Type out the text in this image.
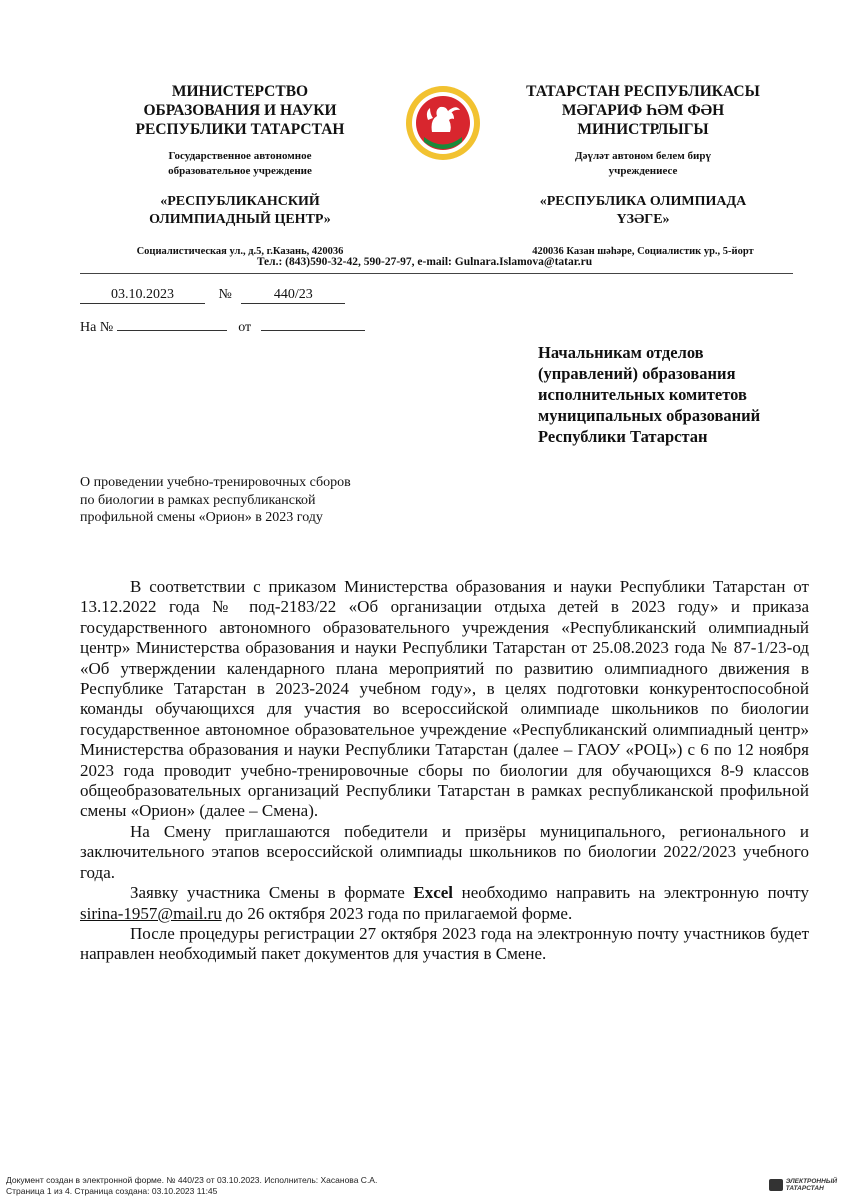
МИНИСТЕРСТВО
ОБРАЗОВАНИЯ И НАУКИ
РЕСПУБЛИКИ ТАТАРСТАН
Государственное автономное
образовательное учреждение
«РЕСПУБЛИКАНСКИЙ
ОЛИМПИАДНЫЙ ЦЕНТР»
Социалистическая ул., д.5, г.Казань, 420036
ТАТАРСТАН РЕСПУБЛИКАСЫ
МӘГАРИФ ҺӘМ ФӘН
МИНИСТРЛЫГЫ
Дәүләт автоном белем бирү
учреждениесе
«РЕСПУБЛИКА ОЛИМПИАДА
ҮЗӘГЕ»
420036 Казан шәһәре, Социалистик ур., 5-йорт
Тел.: (843)590-32-42, 590-27-97, e-mail: Gulnara.Islamova@tatar.ru
03.10.2023	№	440/23
На №	от
Начальникам отделов
(управлений) образования
исполнительных комитетов
муниципальных образований
Республики Татарстан
О проведении учебно-тренировочных сборов
по биологии в рамках республиканской
профильной смены «Орион» в 2023 году

В соответствии с приказом Министерства образования и науки Республики Татарстан от 13.12.2022 года № под-2183/22 «Об организации отдыха детей в 2023 году» и приказа государственного автономного образовательного учреждения «Республиканский олимпиадный центр» Министерства образования и науки Республики Татарстан от 25.08.2023 года № 87-1/23-од «Об утверждении календарного плана мероприятий по развитию олимпиадного движения в Республике Татарстан в 2023-2024 учебном году», в целях подготовки конкурентоспособной команды обучающихся для участия во всероссийской олимпиаде школьников по биологии государственное автономное образовательное учреждение «Республиканский олимпиадный центр» Министерства образования и науки Республики Татарстан (далее – ГАОУ «РОЦ») с 6 по 12 ноября 2023 года проводит учебно-тренировочные сборы по биологии для обучающихся 8-9 классов общеобразовательных организаций Республики Татарстан в рамках республиканской профильной смены «Орион» (далее – Смена).

На Смену приглашаются победители и призёры муниципального, регионального и заключительного этапов всероссийской олимпиады школьников по биологии 2022/2023 учебного года.

Заявку участника Смены в формате Excel необходимо направить на электронную почту sirina-1957@mail.ru до 26 октября 2023 года по прилагаемой форме.

После процедуры регистрации 27 октября 2023 года на электронную почту участников будет направлен необходимый пакет документов для участия в Смене.

Документ создан в электронной форме. № 440/23 от 03.10.2023. Исполнитель: Хасанова С.А.
Страница 1 из 4. Страница создана: 03.10.2023 11:45
ЭЛЕКТРОННЫЙ
ТАТАРСТАН
